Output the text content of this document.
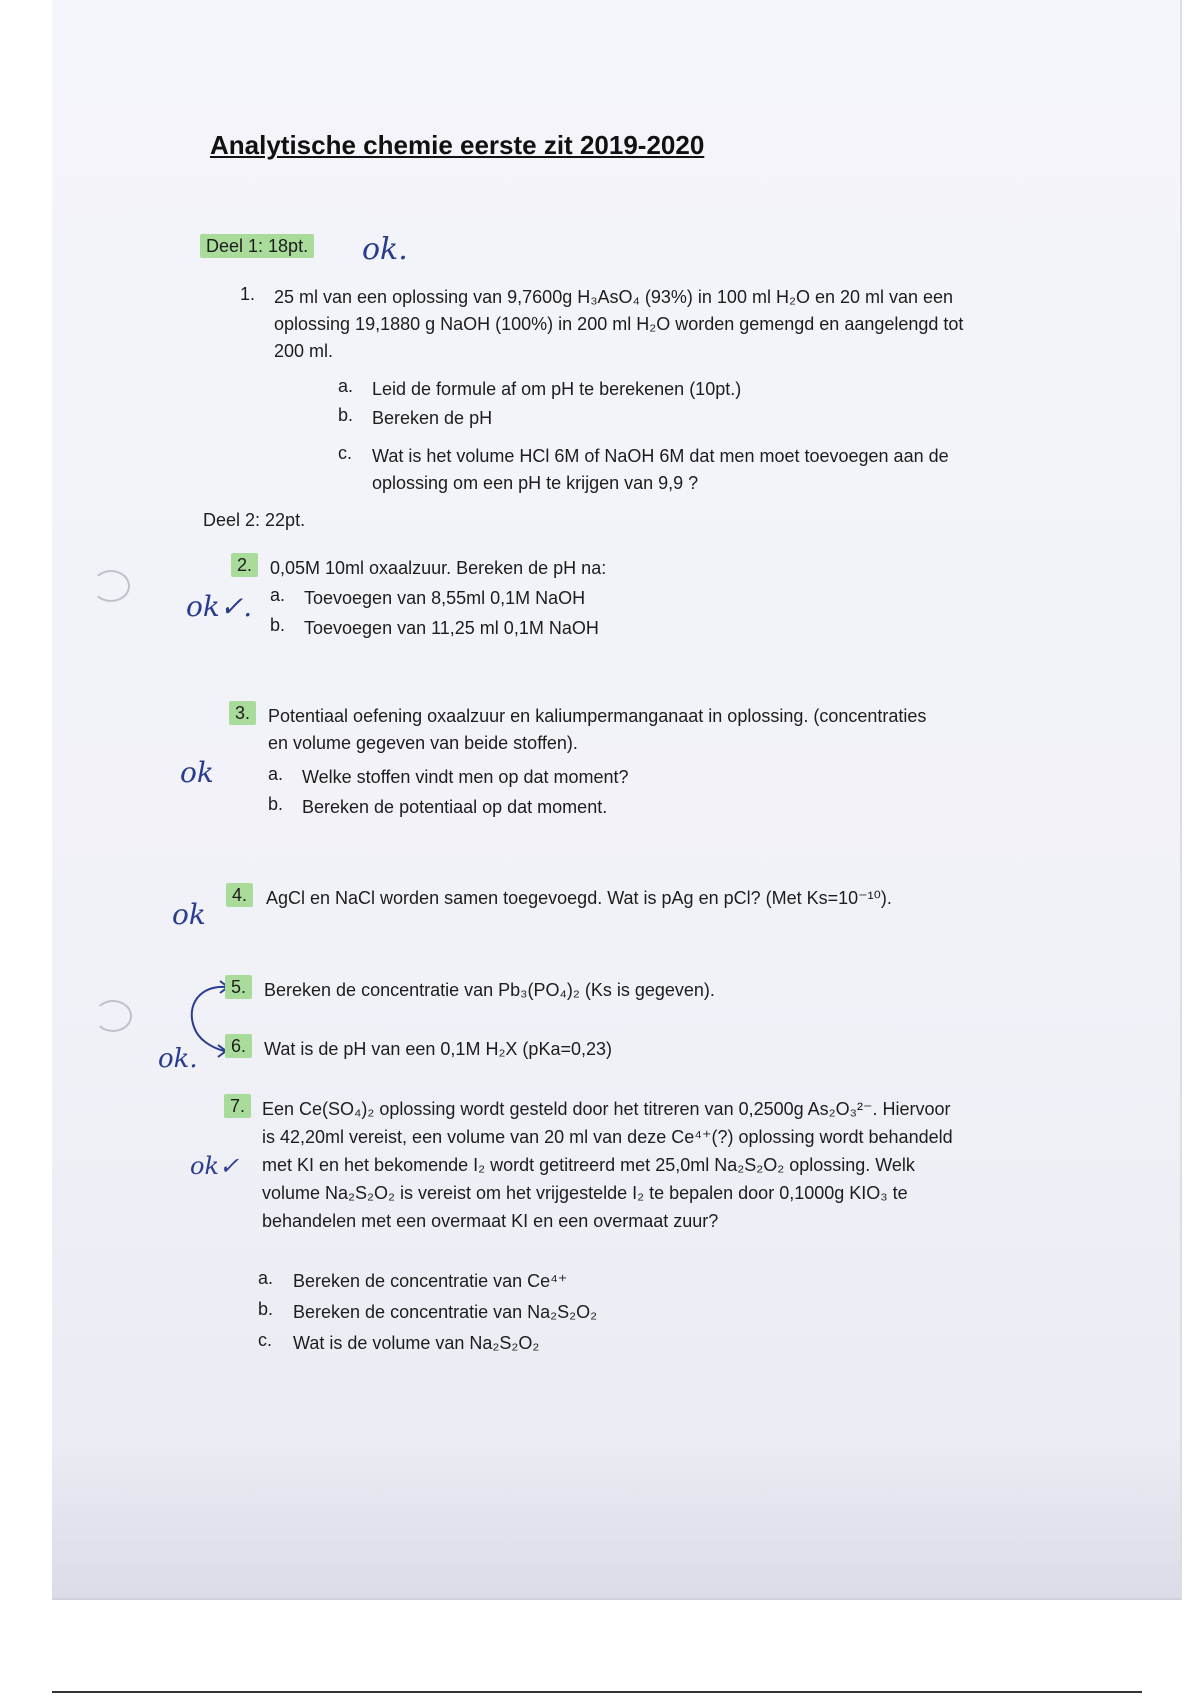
Analytische chemie eerste zit 2019-2020
Deel 1: 18pt. ok.
1. 25 ml van een oplossing van 9,7600g H₃AsO₄ (93%) in 100 ml H₂O en 20 ml van een
oplossing 19,1880 g NaOH (100%) in 200 ml H₂O worden gemengd en aangelengd tot
200 ml.
a. Leid de formule af om pH te berekenen (10pt.)
b. Bereken de pH
c. Wat is het volume HCl 6M of NaOH 6M dat men moet toevoegen aan de
oplossing om een pH te krijgen van 9,9 ?
Deel 2: 22pt.
2. 0,05M 10ml oxaalzuur. Bereken de pH na:
a. Toevoegen van 8,55ml 0,1M NaOH
b. Toevoegen van 11,25 ml 0,1M NaOH
ok✓.
3. Potentiaal oefening oxaalzuur en kaliumpermanganaat in oplossing. (concentraties
en volume gegeven van beide stoffen).
a. Welke stoffen vindt men op dat moment?
b. Bereken de potentiaal op dat moment.
ok
4.	AgCl en NaCl worden samen toegevoegd. Wat is pAg en pCl? (Met Ks=10⁻¹⁰).
ok
5. Bereken de concentratie van Pb₃(PO₄)₂ (Ks is gegeven).
6. Wat is de pH van een 0,1M H₂X (pKa=0,23)
ok.
7. Een Ce(SO₄)₂ oplossing wordt gesteld door het titreren van 0,2500g As₂O₃²⁻. Hiervoor
is 42,20ml vereist, een volume van 20 ml van deze Ce⁴⁺(?) oplossing wordt behandeld
met KI en het bekomende I₂ wordt getitreerd met 25,0ml Na₂S₂O₂ oplossing. Welk
volume Na₂S₂O₂ is vereist om het vrijgestelde I₂ te bepalen door 0,1000g KIO₃ te
behandelen met een overmaat KI en een overmaat zuur?
ok✓
a. Bereken de concentratie van Ce⁴⁺
b. Bereken de concentratie van Na₂S₂O₂
c. Wat is de volume van Na₂S₂O₂
